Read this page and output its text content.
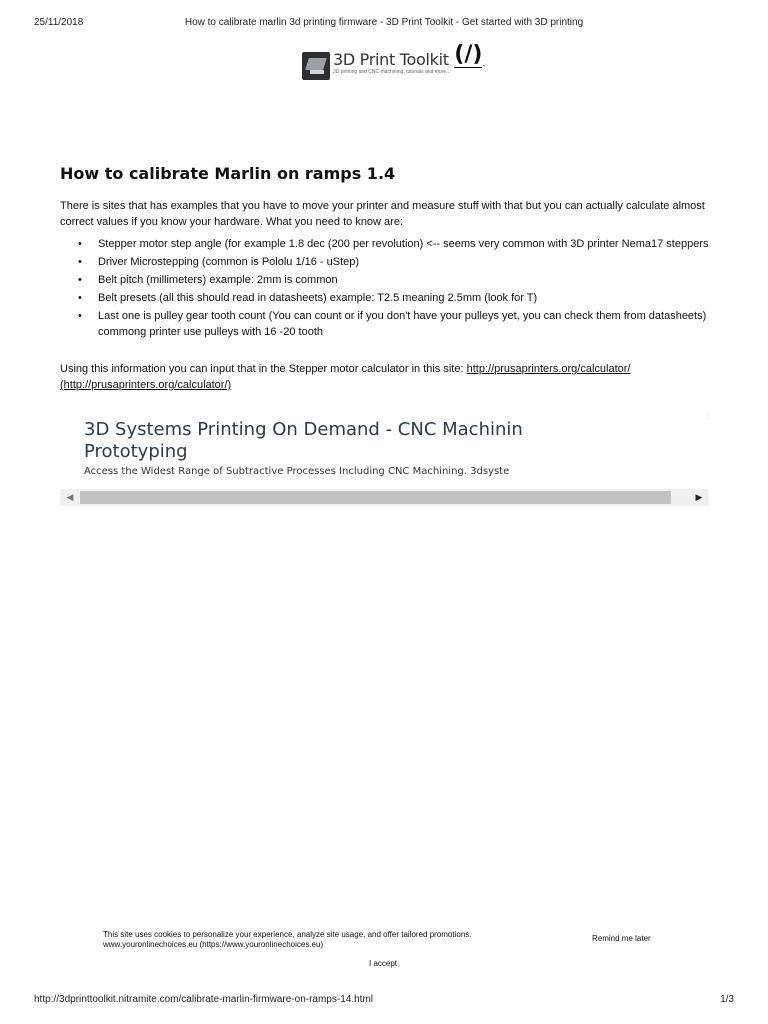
25/11/2018	How to calibrate marlin 3d printing firmware - 3D Print Toolkit - Get started with 3D printing
3D Print Toolkit
3D printing and CNC machining, tutorials and more...
(/) .
How to calibrate Marlin on ramps 1.4

There is sites that has examples that you have to move your printer and measure stuff with that but you can actually calculate almost correct values if you know your hardware. What you need to know are:

• Stepper motor step angle (for example 1.8 dec (200 per revolution) <-- seems very common with 3D printer Nema17 steppers
• Driver Microstepping (common is Pololu 1/16 - uStep)
• Belt pitch (millimeters) example: 2mm is common
• Belt presets (all this should read in datasheets) example: T2.5 meaning 2.5mm (look for T)
• Last one is pulley gear tooth count (You can count or if you don't have your pulleys yet, you can check them from datasheets) commong printer use pulleys with 16 -20 tooth

Using this information you can input that in the Stepper motor calculator in this site: http://prusaprinters.org/calculator/
(http://prusaprinters.org/calculator/)

3D Systems Printing On Demand - CNC Machinin Prototyping

Access the Widest Range of Subtractive Processes Including CNC Machining. 3dsyste
:
◀	▶

This site uses cookies to personalize your experience, analyze site usage, and offer tailored promotions.
www.youronlinechoices.eu (https://www.youronlinechoices.eu)

Remind me later
I accept
http://3dprinttoolkit.nitramite.com/calibrate-marlin-firmware-on-ramps-14.html	1/3
